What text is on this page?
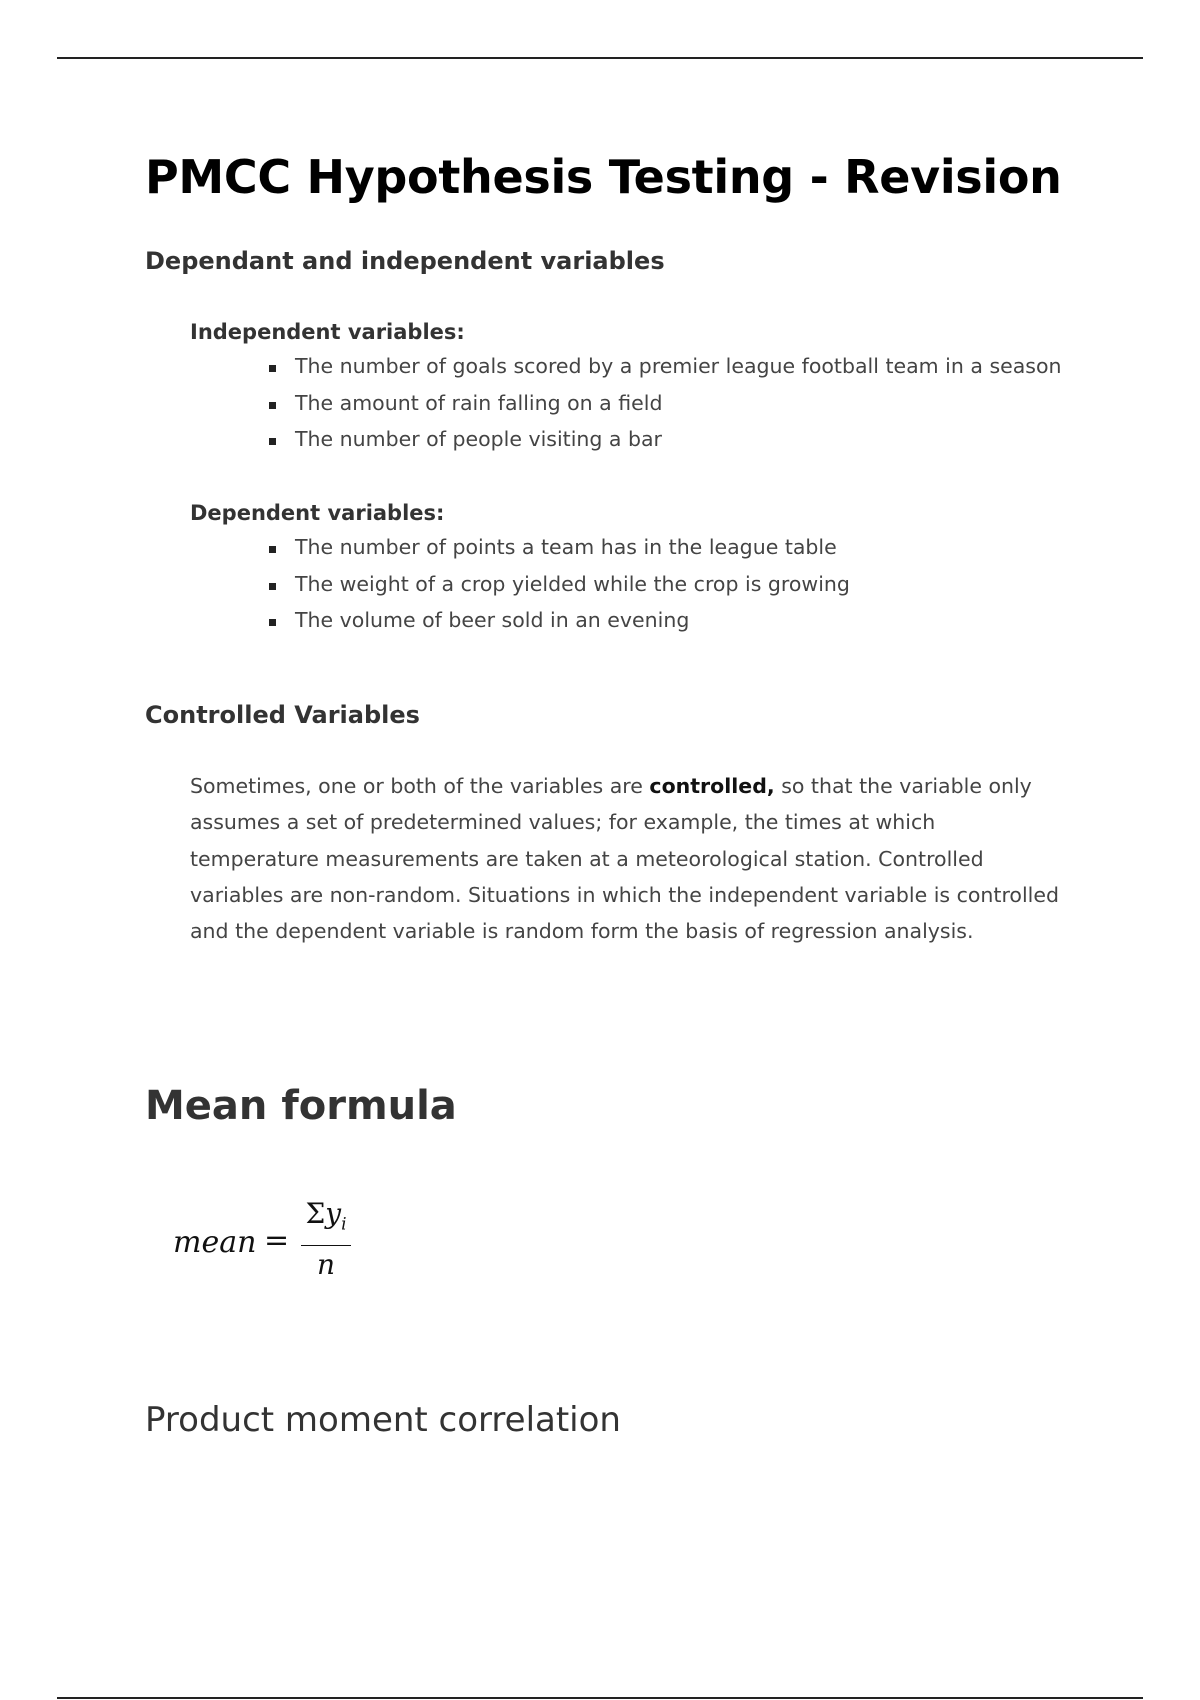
PMCC Hypothesis Testing - Revision
Dependant and independent variables
Independent variables:
The number of goals scored by a premier league football team in a season
The amount of rain falling on a field
The number of people visiting a bar
Dependent variables:
The number of points a team has in the league table
The weight of a crop yielded while the crop is growing
The volume of beer sold in an evening
Controlled Variables

Sometimes, one or both of the variables are controlled, so that the variable only assumes a set of predetermined values; for example, the times at which temperature measurements are taken at a meteorological station. Controlled variables are non-random. Situations in which the independent variable is controlled and the dependent variable is random form the basis of regression analysis.

Mean formula
mean =
$\Sigma y_i$
n
Product moment correlation
